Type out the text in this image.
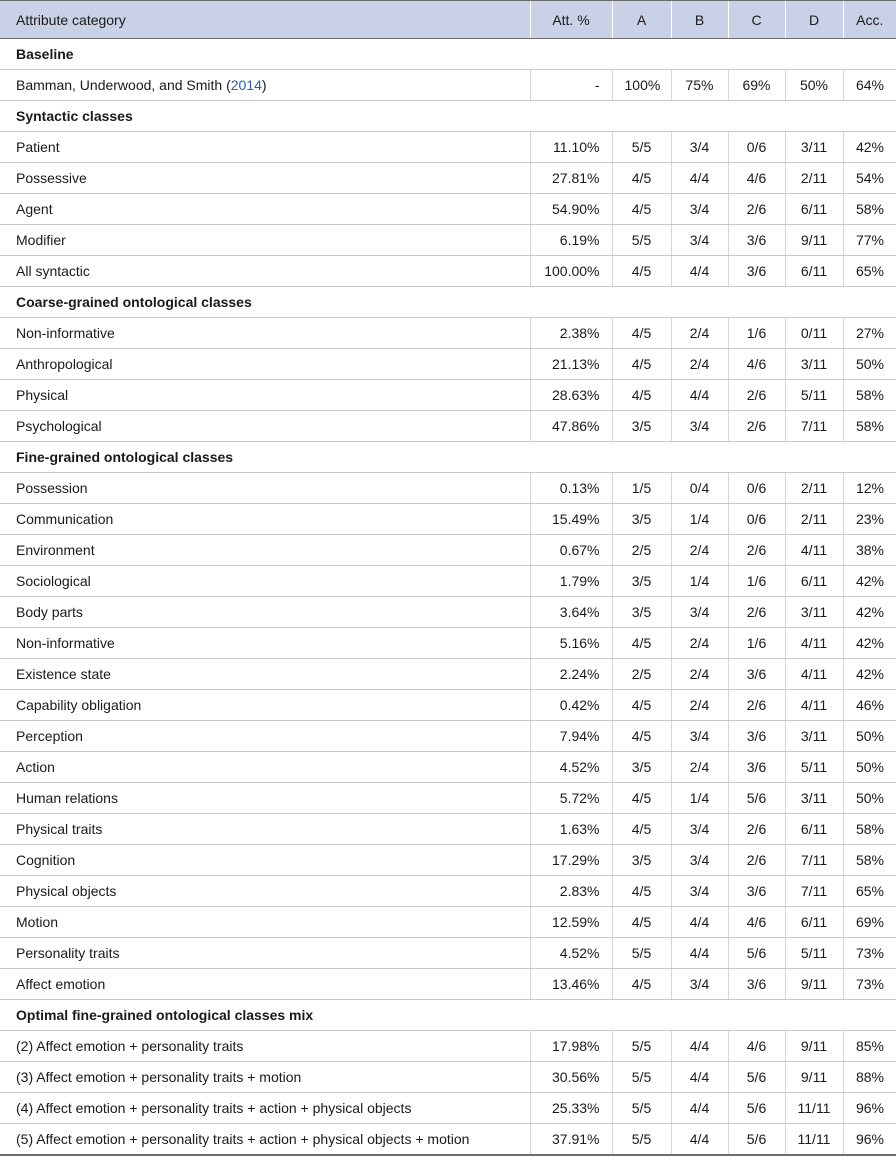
Attribute category	Att. %	A	B	C	D	Acc.
Baseline						
Bamman, Underwood, and Smith (2014)	-	100%	75%	69%	50%	64%
Syntactic classes						
Patient	11.10%	5/5	3/4	0/6	3/11	42%
Possessive	27.81%	4/5	4/4	4/6	2/11	54%
Agent	54.90%	4/5	3/4	2/6	6/11	58%
Modifier	6.19%	5/5	3/4	3/6	9/11	77%
All syntactic	100.00%	4/5	4/4	3/6	6/11	65%
Coarse-grained ontological classes						
Non-informative	2.38%	4/5	2/4	1/6	0/11	27%
Anthropological	21.13%	4/5	2/4	4/6	3/11	50%
Physical	28.63%	4/5	4/4	2/6	5/11	58%
Psychological	47.86%	3/5	3/4	2/6	7/11	58%
Fine-grained ontological classes						
Possession	0.13%	1/5	0/4	0/6	2/11	12%
Communication	15.49%	3/5	1/4	0/6	2/11	23%
Environment	0.67%	2/5	2/4	2/6	4/11	38%
Sociological	1.79%	3/5	1/4	1/6	6/11	42%
Body parts	3.64%	3/5	3/4	2/6	3/11	42%
Non-informative	5.16%	4/5	2/4	1/6	4/11	42%
Existence state	2.24%	2/5	2/4	3/6	4/11	42%
Capability obligation	0.42%	4/5	2/4	2/6	4/11	46%
Perception	7.94%	4/5	3/4	3/6	3/11	50%
Action	4.52%	3/5	2/4	3/6	5/11	50%
Human relations	5.72%	4/5	1/4	5/6	3/11	50%
Physical traits	1.63%	4/5	3/4	2/6	6/11	58%
Cognition	17.29%	3/5	3/4	2/6	7/11	58%
Physical objects	2.83%	4/5	3/4	3/6	7/11	65%
Motion	12.59%	4/5	4/4	4/6	6/11	69%
Personality traits	4.52%	5/5	4/4	5/6	5/11	73%
Affect emotion	13.46%	4/5	3/4	3/6	9/11	73%
Optimal fine-grained ontological classes mix						
(2) Affect emotion + personality traits	17.98%	5/5	4/4	4/6	9/11	85%
(3) Affect emotion + personality traits + motion	30.56%	5/5	4/4	5/6	9/11	88%
(4) Affect emotion + personality traits + action + physical objects	25.33%	5/5	4/4	5/6	11/11	96%
(5) Affect emotion + personality traits + action + physical objects + motion	37.91%	5/5	4/4	5/6	11/11	96%
